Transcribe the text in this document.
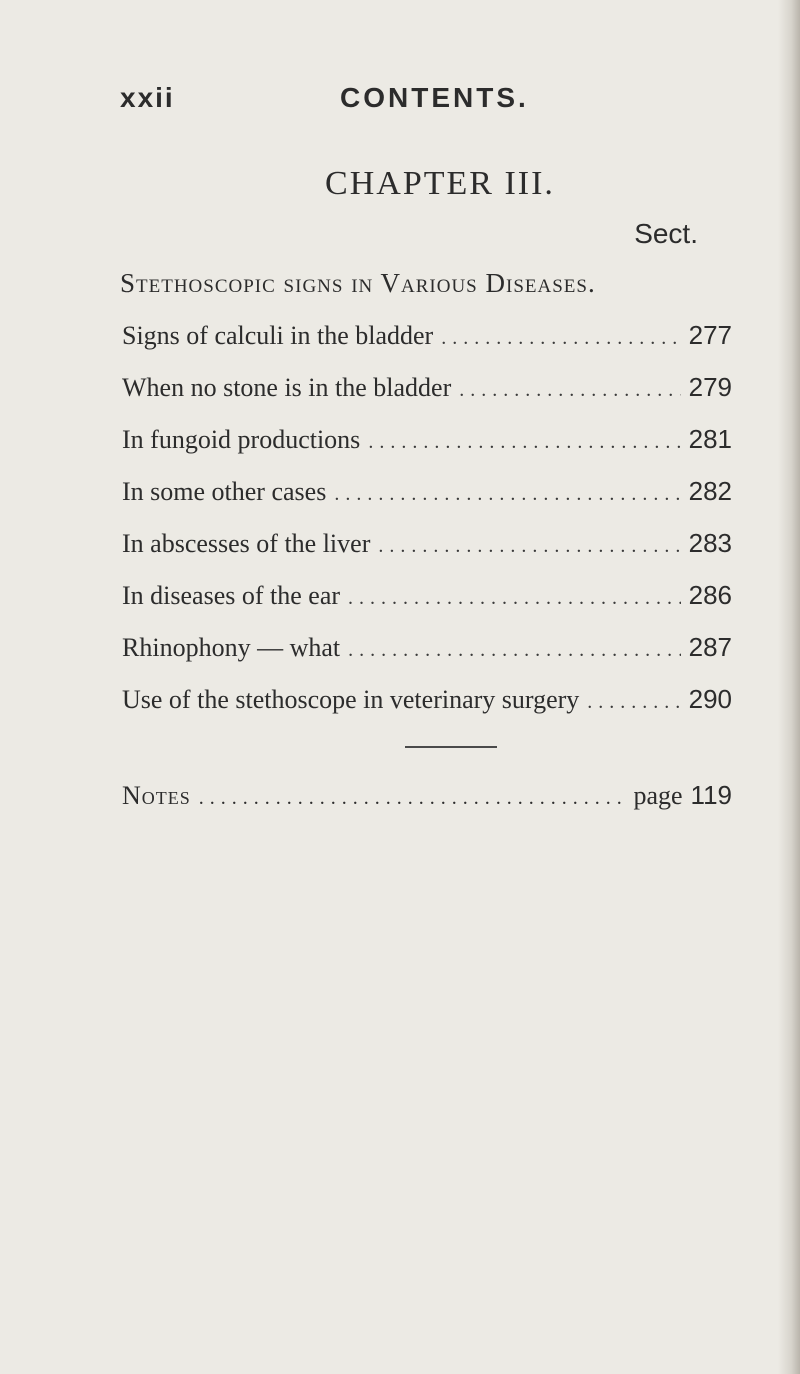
xxii	CONTENTS.
CHAPTER III.
Sect.
Stethoscopic signs in Various Diseases.
Signs of calculi in the bladder .....	277
When no stone is in the bladder .....	279
In fungoid productions .....	281
In some other cases .....	282
In abscesses of the liver .....	283
In diseases of the ear .....	286
Rhinophony — what .....	287
Use of the stethoscope in veterinary surgery .....	290
Notes .....	page 119
